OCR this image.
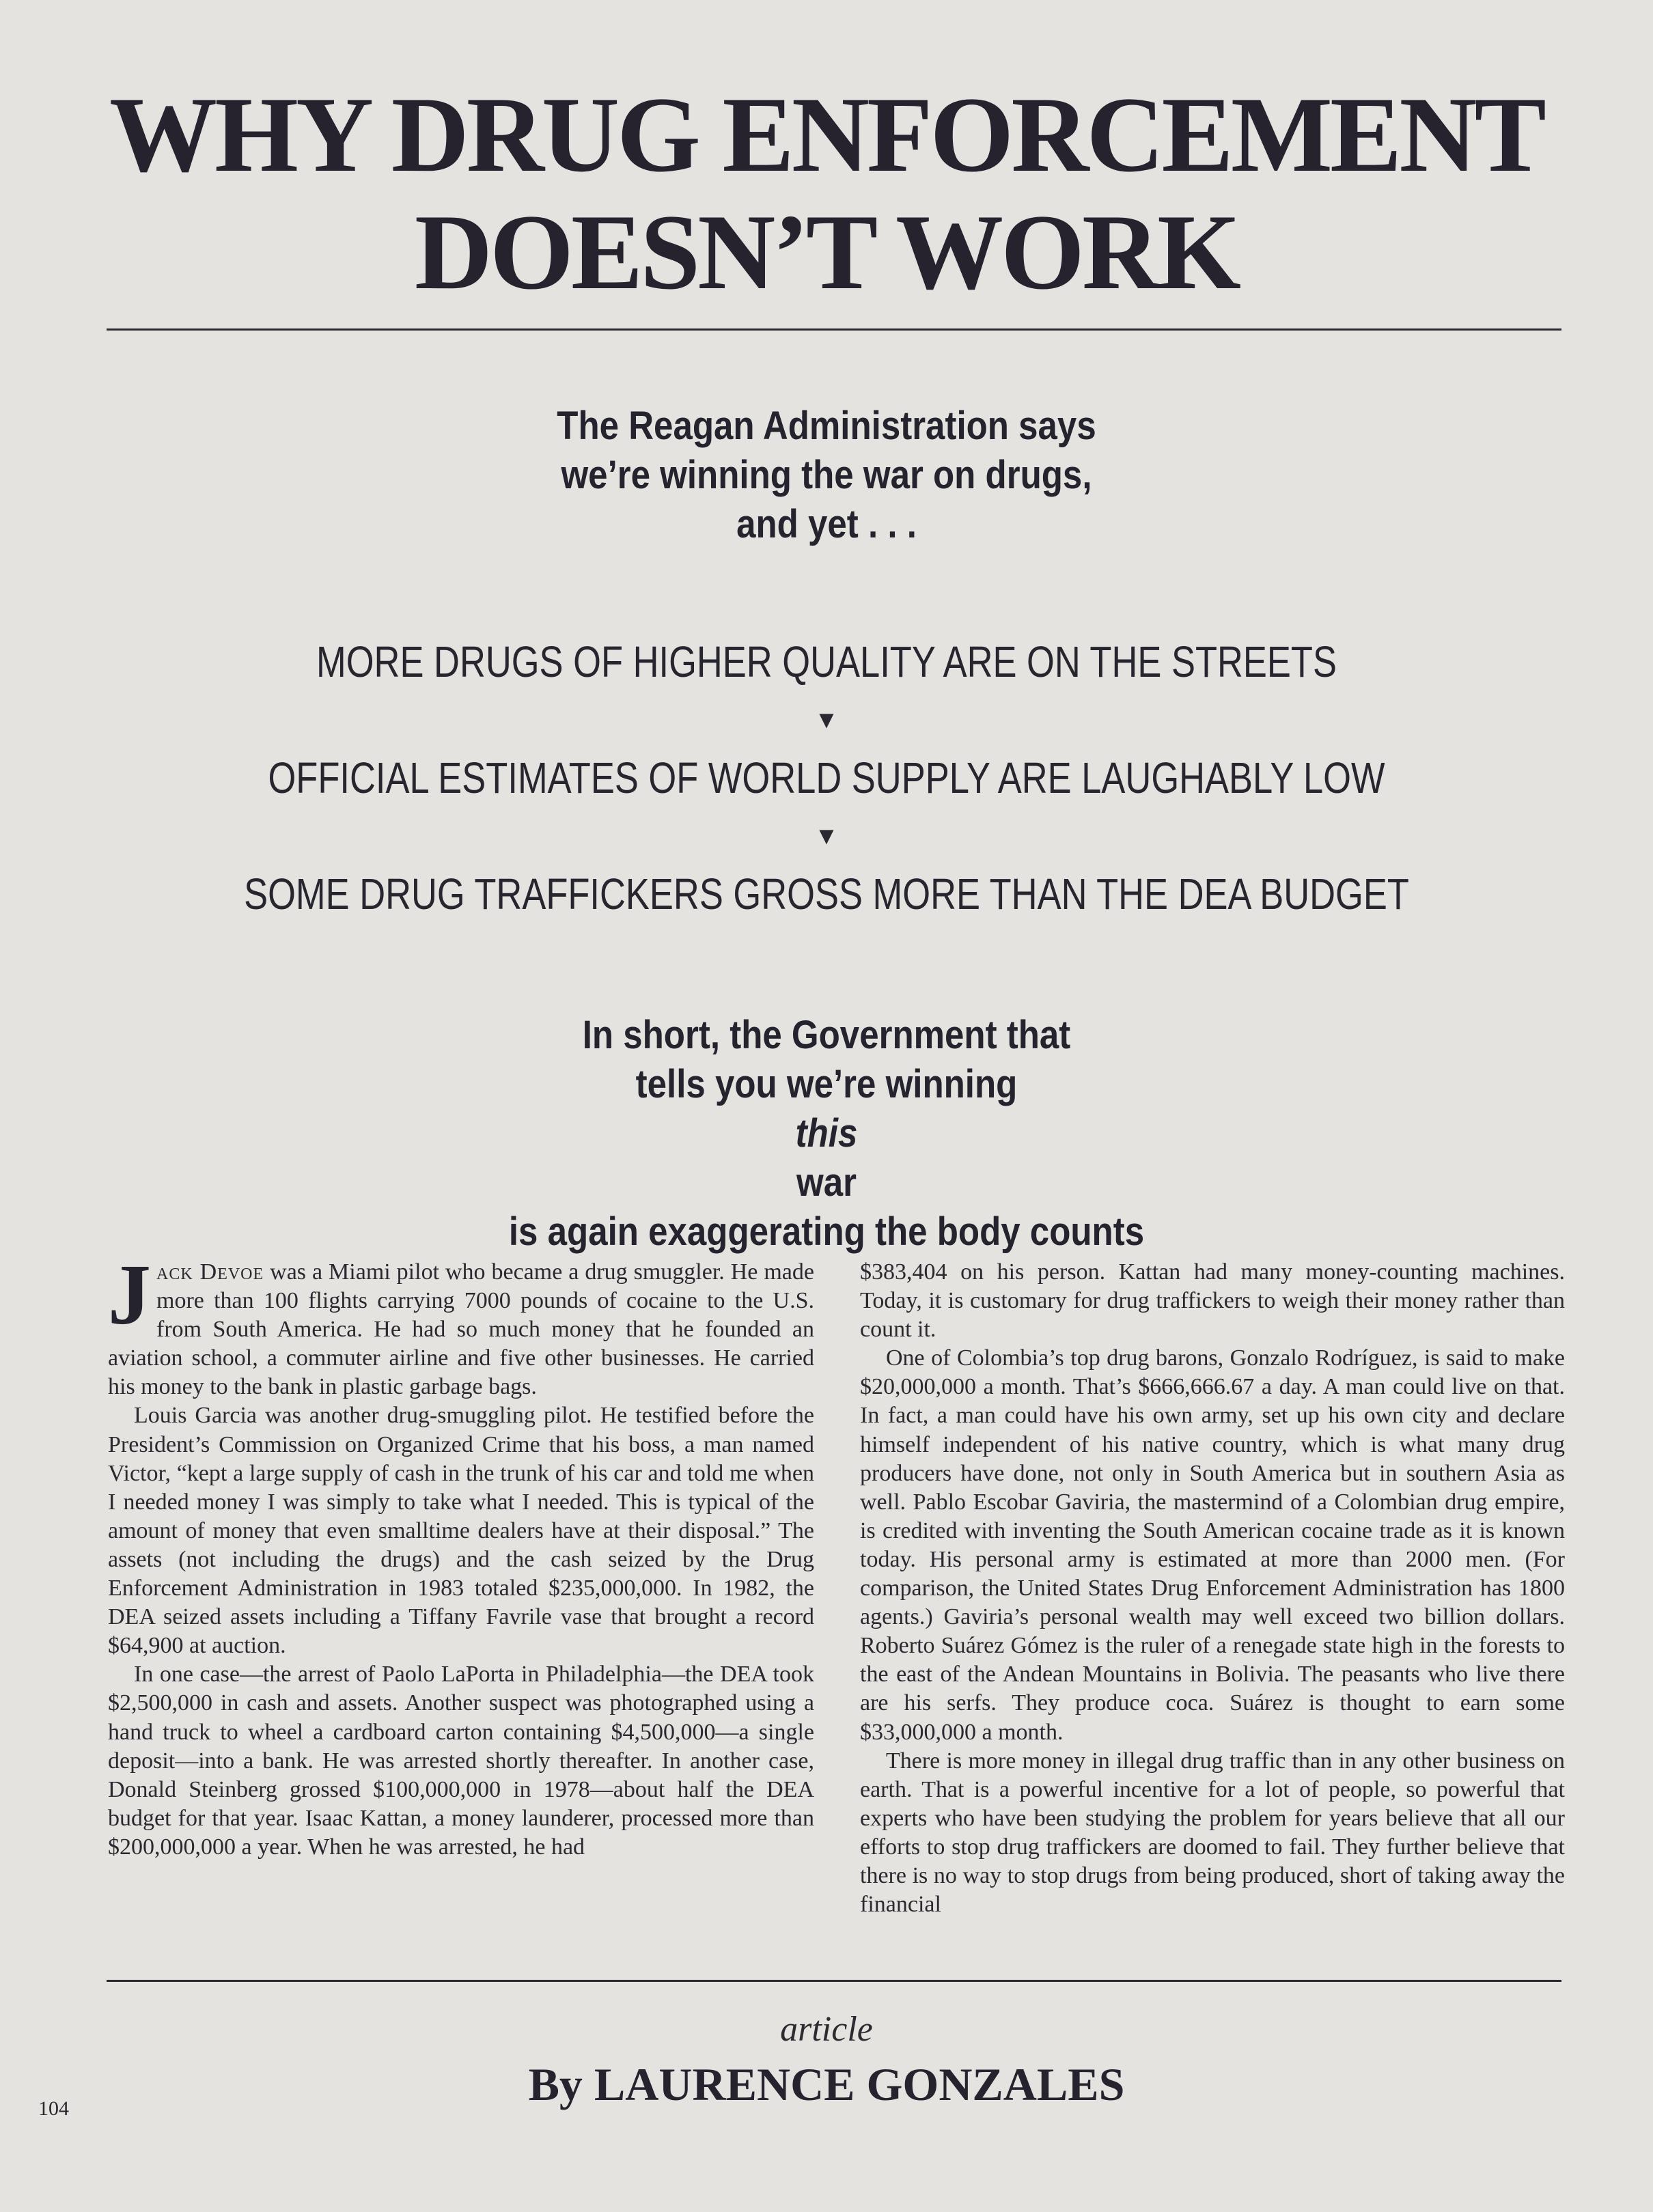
WHY DRUG ENFORCEMENT
DOESN’T WORK
The Reagan Administration says
we’re winning the war on drugs,
and yet . . .
MORE DRUGS OF HIGHER QUALITY ARE ON THE STREETS
▼
OFFICIAL ESTIMATES OF WORLD SUPPLY ARE LAUGHABLY LOW
▼
SOME DRUG TRAFFICKERS GROSS MORE THAN THE DEA BUDGET
In short, the Government that
tells you we’re winning
this
war
is again exaggerating the body counts

Jack Devoe was a Miami pilot who became a drug smuggler. He made more than 100 flights carrying 7000 pounds of cocaine to the U.S. from South America. He had so much money that he founded an aviation school, a commuter airline and five other businesses. He carried his money to the bank in plastic garbage bags.

Louis Garcia was another drug-smuggling pilot. He testified before the President’s Commission on Organized Crime that his boss, a man named Victor, “kept a large supply of cash in the trunk of his car and told me when I needed money I was simply to take what I needed. This is typical of the amount of money that even smalltime dealers have at their disposal.” The assets (not including the drugs) and the cash seized by the Drug Enforcement Administration in 1983 totaled $235,000,000. In 1982, the DEA seized assets including a Tiffany Favrile vase that brought a record $64,900 at auction.

In one case—the arrest of Paolo LaPorta in Philadelphia—the DEA took $2,500,000 in cash and assets. Another suspect was photographed using a hand truck to wheel a cardboard carton containing $4,500,000—a single deposit—into a bank. He was arrested shortly thereafter. In another case, Donald Steinberg grossed $100,000,000 in 1978—about half the DEA budget for that year. Isaac Kattan, a money launderer, processed more than $200,000,000 a year. When he was arrested, he had

$383,404 on his person. Kattan had many money-counting machines. Today, it is customary for drug traffickers to weigh their money rather than count it.

One of Colombia’s top drug barons, Gonzalo Rodríguez, is said to make $20,000,000 a month. That’s $666,666.67 a day. A man could live on that. In fact, a man could have his own army, set up his own city and declare himself independent of his native country, which is what many drug producers have done, not only in South America but in southern Asia as well. Pablo Escobar Gaviria, the mastermind of a Colombian drug empire, is credited with inventing the South American cocaine trade as it is known today. His personal army is estimated at more than 2000 men. (For comparison, the United States Drug Enforcement Administration has 1800 agents.) Gaviria’s personal wealth may well exceed two billion dollars. Roberto Suárez Gómez is the ruler of a renegade state high in the forests to the east of the Andean Mountains in Bolivia. The peasants who live there are his serfs. They produce coca. Suárez is thought to earn some $33,000,000 a month.

There is more money in illegal drug traffic than in any other business on earth. That is a powerful incentive for a lot of people, so powerful that experts who have been studying the problem for years believe that all our efforts to stop drug traffickers are doomed to fail. They further believe that there is no way to stop drugs from being produced, short of taking away the financial

article
By LAURENCE GONZALES
104
